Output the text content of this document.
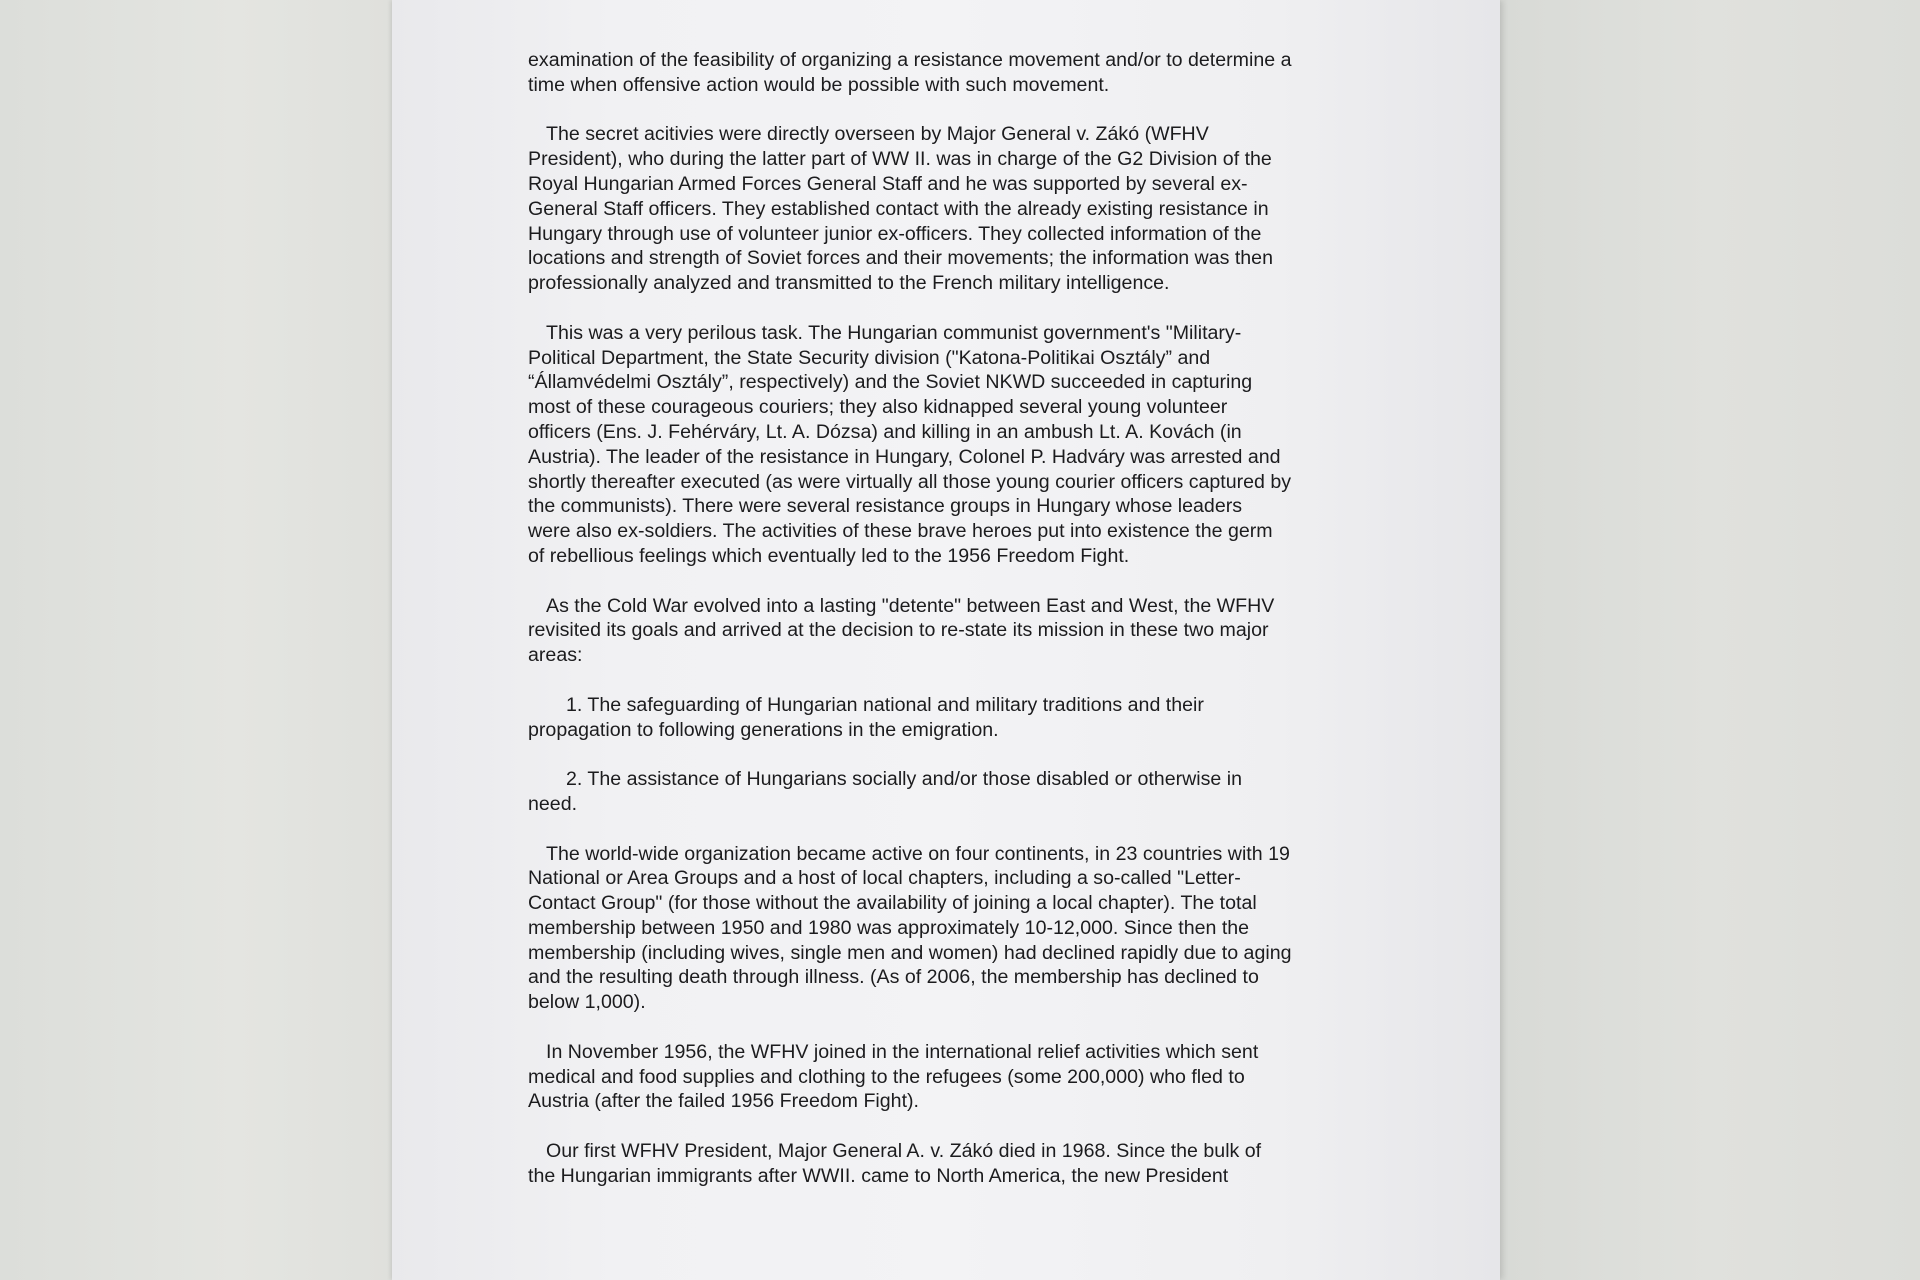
examination of the feasibility of organizing a resistance movement and/or to determine a
time when offensive action would be possible with such movement.

The secret acitivies were directly overseen by Major General v. Zákó (WFHV
President), who during the latter part of WW II. was in charge of the G2 Division of the
Royal Hungarian Armed Forces General Staff and he was supported by several ex-
General Staff officers. They established contact with the already existing resistance in
Hungary through use of volunteer junior ex-officers. They collected information of the
locations and strength of Soviet forces and their movements; the information was then
professionally analyzed and transmitted to the French military intelligence.

This was a very perilous task. The Hungarian communist government's "Military-
Political Department, the State Security division ("Katona-Politikai Osztály” and
“Államvédelmi Osztály”, respectively) and the Soviet NKWD succeeded in capturing
most of these courageous couriers; they also kidnapped several young volunteer
officers (Ens. J. Fehérváry, Lt. A. Dózsa) and killing in an ambush Lt. A. Kovách (in
Austria). The leader of the resistance in Hungary, Colonel P. Hadváry was arrested and
shortly thereafter executed (as were virtually all those young courier officers captured by
the communists). There were several resistance groups in Hungary whose leaders
were also ex-soldiers. The activities of these brave heroes put into existence the germ
of rebellious feelings which eventually led to the 1956 Freedom Fight.

As the Cold War evolved into a lasting "detente" between East and West, the WFHV
revisited its goals and arrived at the decision to re-state its mission in these two major
areas:

1. The safeguarding of Hungarian national and military traditions and their
propagation to following generations in the emigration.

2. The assistance of Hungarians socially and/or those disabled or otherwise in
need.

The world-wide organization became active on four continents, in 23 countries with 19
National or Area Groups and a host of local chapters, including a so-called "Letter-
Contact Group" (for those without the availability of joining a local chapter). The total
membership between 1950 and 1980 was approximately 10-12,000. Since then the
membership (including wives, single men and women) had declined rapidly due to aging
and the resulting death through illness. (As of 2006, the membership has declined to
below 1,000).

In November 1956, the WFHV joined in the international relief activities which sent
medical and food supplies and clothing to the refugees (some 200,000) who fled to
Austria (after the failed 1956 Freedom Fight).

Our first WFHV President, Major General A. v. Zákó died in 1968. Since the bulk of
the Hungarian immigrants after WWII. came to North America, the new President
